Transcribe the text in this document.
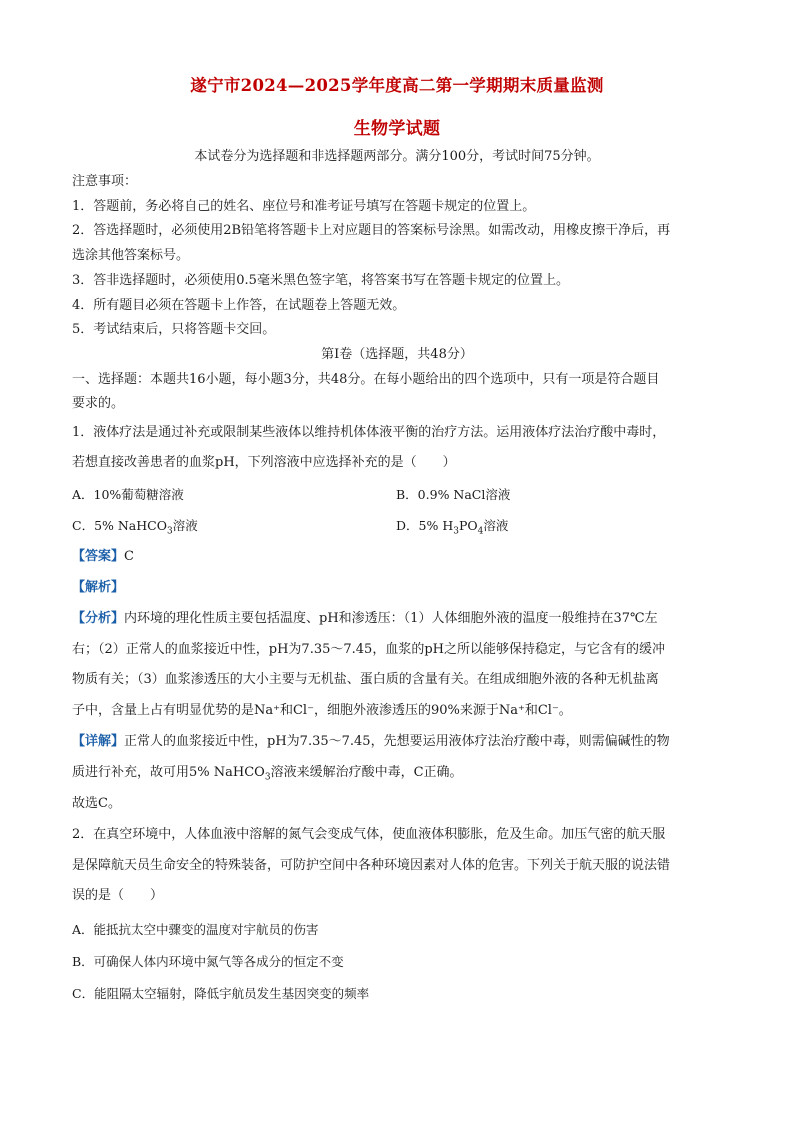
遂宁市2024—2025学年度高二第一学期期末质量监测
生物学试题
本试卷分为选择题和非选择题两部分。满分100分，考试时间75分钟。
注意事项：
1．答题前，务必将自己的姓名、座位号和准考证号填写在答题卡规定的位置上。
2．答选择题时，必须使用2B铅笔将答题卡上对应题目的答案标号涂黑。如需改动，用橡皮擦干净后，再
选涂其他答案标号。
3．答非选择题时，必须使用0.5毫米黑色签字笔，将答案书写在答题卡规定的位置上。
4．所有题目必须在答题卡上作答，在试题卷上答题无效。
5．考试结束后，只将答题卡交回。
第Ⅰ卷（选择题，共48分）
一、选择题：本题共16小题，每小题3分，共48分。在每小题给出的四个选项中，只有一项是符合题目
要求的。
1．液体疗法是通过补充或限制某些液体以维持机体体液平衡的治疗方法。运用液体疗法治疗酸中毒时，
若想直接改善患者的血浆pH，下列溶液中应选择补充的是（　　）
A．10%葡萄糖溶液	B．0.9% NaCl溶液
C．5% NaHCO$_3$溶液	D．5% $H_3PO_4$溶液
【答案】C
【解析】
【分析】内环境的理化性质主要包括温度、pH和渗透压：（1）人体细胞外液的温度一般维持在37℃左
右；（2）正常人的血浆接近中性，pH为7.35～7.45，血浆的pH之所以能够保持稳定，与它含有的缓冲
物质有关；（3）血浆渗透压的大小主要与无机盐、蛋白质的含量有关。在组成细胞外液的各种无机盐离
子中，含量上占有明显优势的是Na⁺和Cl⁻，细胞外液渗透压的90%来源于Na⁺和Cl⁻。
【详解】正常人的血浆接近中性，pH为7.35～7.45，先想要运用液体疗法治疗酸中毒，则需偏碱性的物
质进行补充，故可用5% NaHCO$_3$溶液来缓解治疗酸中毒，C正确。
故选C。
2．在真空环境中，人体血液中溶解的氮气会变成气体，使血液体积膨胀，危及生命。加压气密的航天服
是保障航天员生命安全的特殊装备，可防护空间中各种环境因素对人体的危害。下列关于航天服的说法错
误的是（　　）
A．能抵抗太空中骤变的温度对宇航员的伤害
B．可确保人体内环境中氮气等各成分的恒定不变
C．能阻隔太空辐射，降低宇航员发生基因突变的频率
